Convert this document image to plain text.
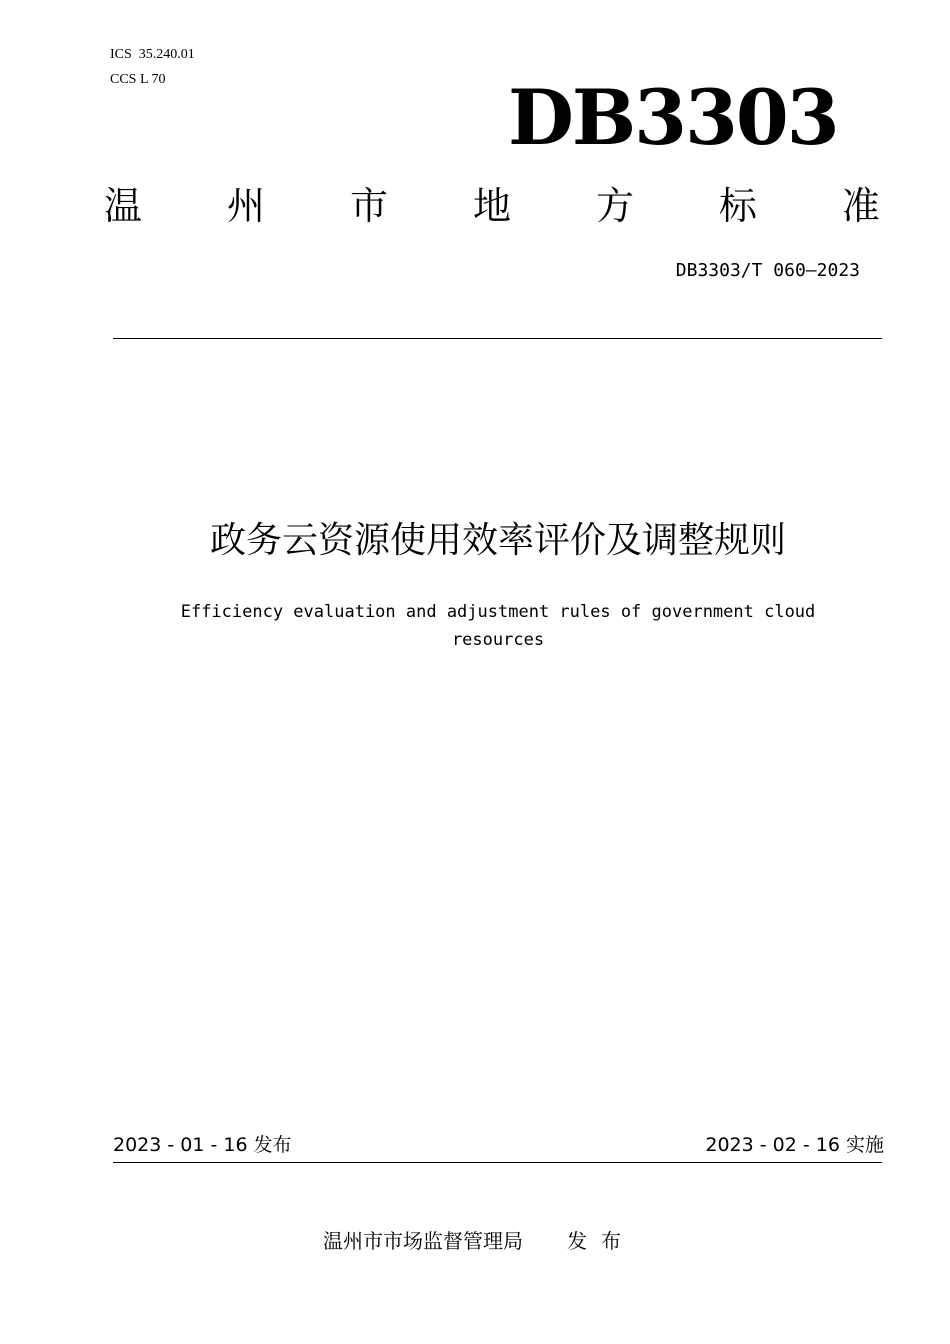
ICS  35.240.01
CCS L 70	DB3303
温 州 市 地 方 标 准
DB3303/T 060—2023
政务云资源使用效率评价及调整规则
Efficiency evaluation and adjustment rules of government cloud resources
2023 - 01 - 16 发布	2023 - 02 - 16 实施
温州市市场监督管理局 发布
